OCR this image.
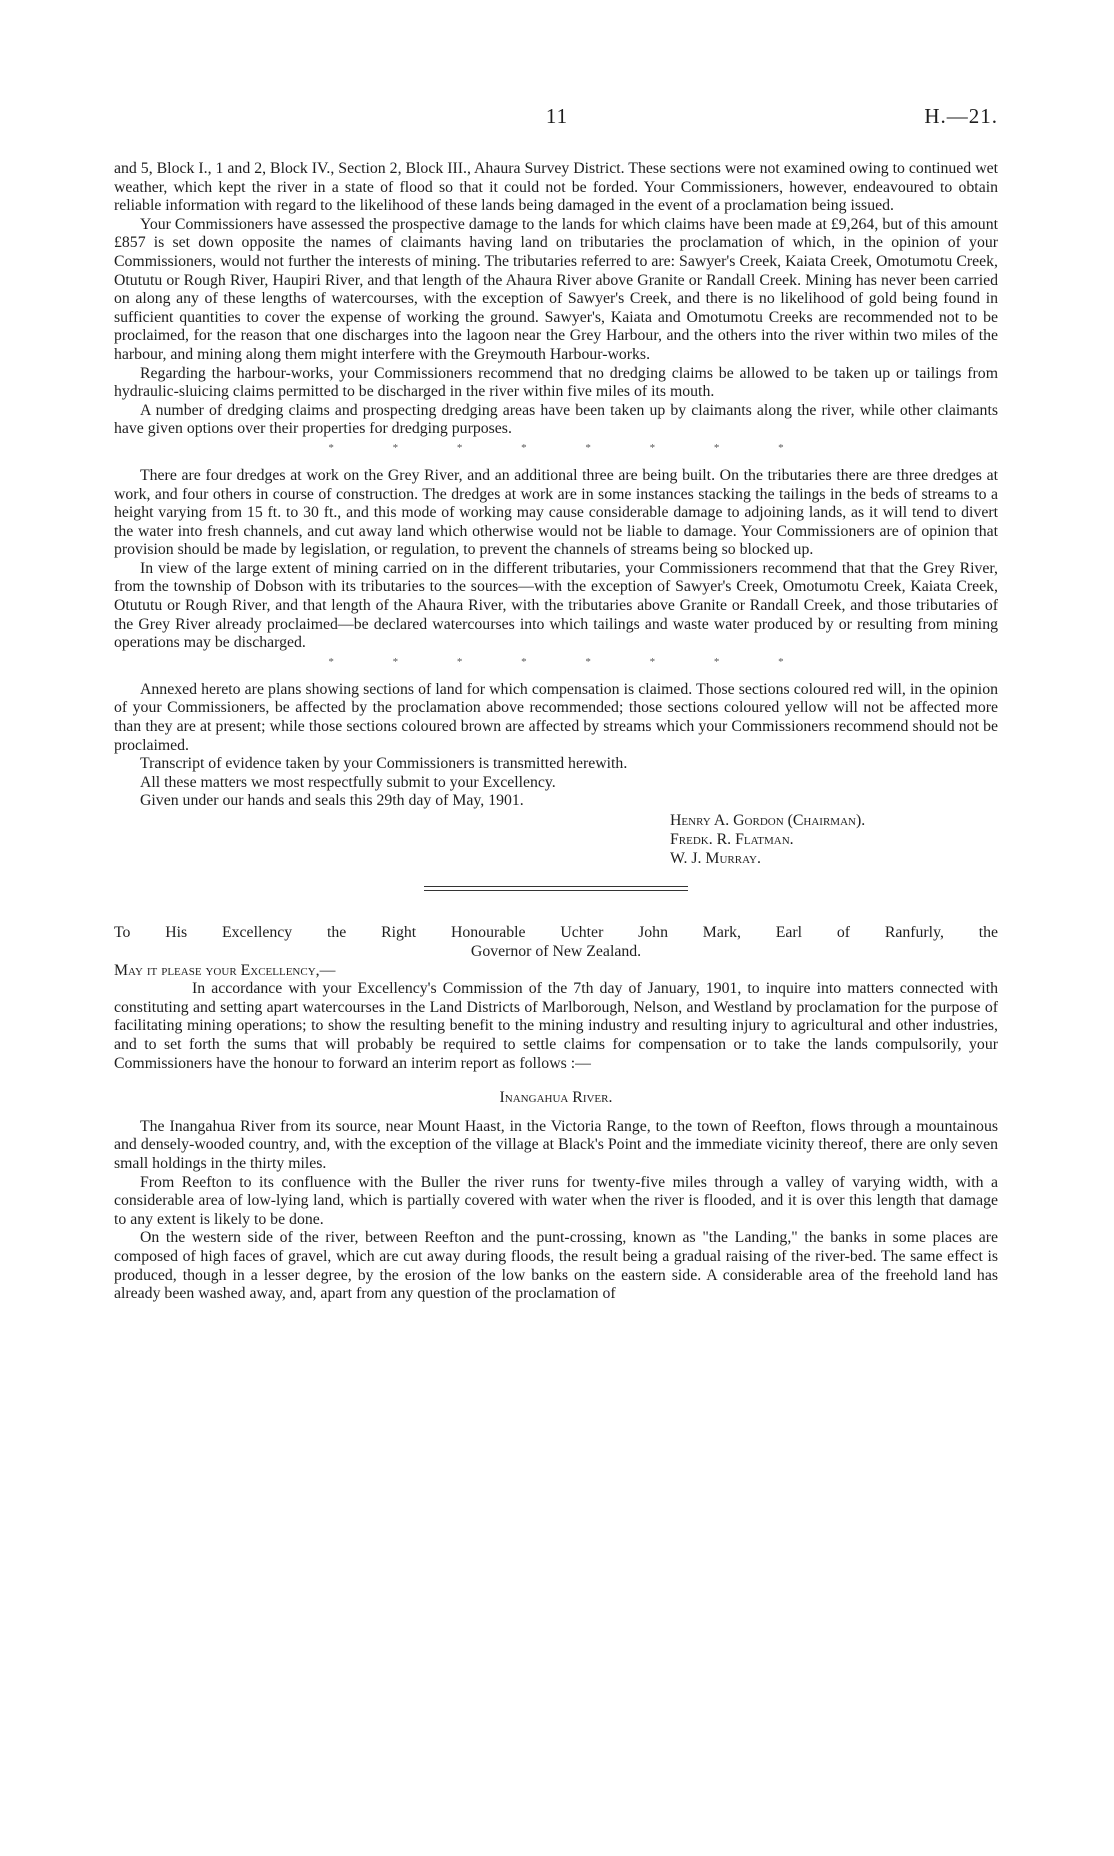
11	H.—21.

and 5, Block I., 1 and 2, Block IV., Section 2, Block III., Ahaura Survey District. These sections were not examined owing to continued wet weather, which kept the river in a state of flood so that it could not be forded. Your Commissioners, however, endeavoured to obtain reliable information with regard to the likelihood of these lands being damaged in the event of a proclamation being issued.

Your Commissioners have assessed the prospective damage to the lands for which claims have been made at £9,264, but of this amount £857 is set down opposite the names of claimants having land on tributaries the proclamation of which, in the opinion of your Commissioners, would not further the interests of mining. The tributaries referred to are: Sawyer's Creek, Kaiata Creek, Omotumotu Creek, Otututu or Rough River, Haupiri River, and that length of the Ahaura River above Granite or Randall Creek. Mining has never been carried on along any of these lengths of watercourses, with the exception of Sawyer's Creek, and there is no likelihood of gold being found in sufficient quantities to cover the expense of working the ground. Sawyer's, Kaiata and Omotumotu Creeks are recommended not to be proclaimed, for the reason that one discharges into the lagoon near the Grey Harbour, and the others into the river within two miles of the harbour, and mining along them might interfere with the Greymouth Harbour-works.

Regarding the harbour-works, your Commissioners recommend that no dredging claims be allowed to be taken up or tailings from hydraulic-sluicing claims permitted to be discharged in the river within five miles of its mouth.

A number of dredging claims and prospecting dredging areas have been taken up by claimants along the river, while other claimants have given options over their properties for dredging purposes.

* * * * * * * *

There are four dredges at work on the Grey River, and an additional three are being built. On the tributaries there are three dredges at work, and four others in course of construction. The dredges at work are in some instances stacking the tailings in the beds of streams to a height varying from 15 ft. to 30 ft., and this mode of working may cause considerable damage to adjoining lands, as it will tend to divert the water into fresh channels, and cut away land which otherwise would not be liable to damage. Your Commissioners are of opinion that provision should be made by legislation, or regulation, to prevent the channels of streams being so blocked up.

In view of the large extent of mining carried on in the different tributaries, your Commissioners recommend that that the Grey River, from the township of Dobson with its tributaries to the sources—with the exception of Sawyer's Creek, Omotumotu Creek, Kaiata Creek, Otututu or Rough River, and that length of the Ahaura River, with the tributaries above Granite or Randall Creek, and those tributaries of the Grey River already proclaimed—be declared watercourses into which tailings and waste water produced by or resulting from mining operations may be discharged.

* * * * * * * *

Annexed hereto are plans showing sections of land for which compensation is claimed. Those sections coloured red will, in the opinion of your Commissioners, be affected by the proclamation above recommended; those sections coloured yellow will not be affected more than they are at present; while those sections coloured brown are affected by streams which your Commissioners recommend should not be proclaimed.

Transcript of evidence taken by your Commissioners is transmitted herewith.

All these matters we most respectfully submit to your Excellency.

Given under our hands and seals this 29th day of May, 1901.

Henry A. Gordon (Chairman).
Fredk. R. Flatman.
W. J. Murray.

To His Excellency the Right Honourable Uchter John Mark, Earl of Ranfurly, the

Governor of New Zealand.

May it please your Excellency,—

In accordance with your Excellency's Commission of the 7th day of January, 1901, to inquire into matters connected with constituting and setting apart watercourses in the Land Districts of Marlborough, Nelson, and Westland by proclamation for the purpose of facilitating mining operations; to show the resulting benefit to the mining industry and resulting injury to agricultural and other industries, and to set forth the sums that will probably be required to settle claims for compensation or to take the lands compulsorily, your Commissioners have the honour to forward an interim report as follows :—

Inangahua River.

The Inangahua River from its source, near Mount Haast, in the Victoria Range, to the town of Reefton, flows through a mountainous and densely-wooded country, and, with the exception of the village at Black's Point and the immediate vicinity thereof, there are only seven small holdings in the thirty miles.

From Reefton to its confluence with the Buller the river runs for twenty-five miles through a valley of varying width, with a considerable area of low-lying land, which is partially covered with water when the river is flooded, and it is over this length that damage to any extent is likely to be done.

On the western side of the river, between Reefton and the punt-crossing, known as "the Landing," the banks in some places are composed of high faces of gravel, which are cut away during floods, the result being a gradual raising of the river-bed. The same effect is produced, though in a lesser degree, by the erosion of the low banks on the eastern side. A considerable area of the freehold land has already been washed away, and, apart from any question of the proclamation of
